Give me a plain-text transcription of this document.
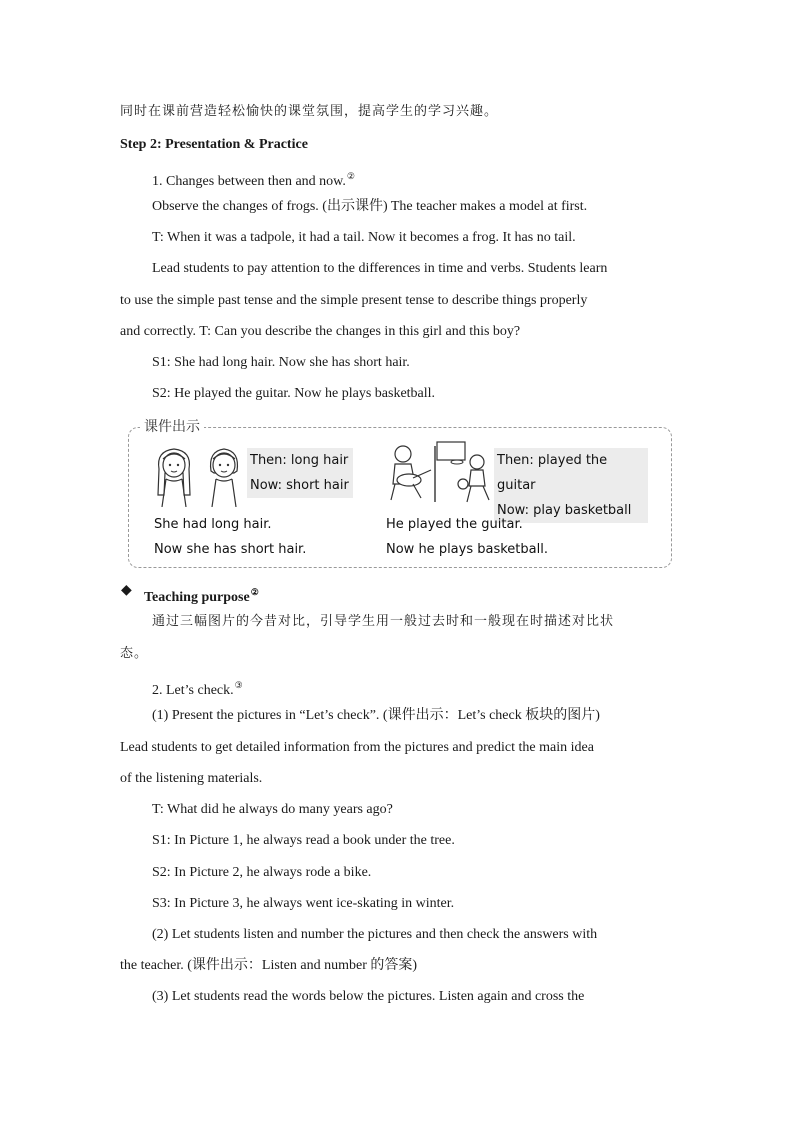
同时在课前营造轻松愉快的课堂氛围，提高学生的学习兴趣。
Step 2: Presentation & Practice
1. Changes between then and now.②
Observe the changes of frogs. (出示课件) The teacher makes a model at first.
T: When it was a tadpole, it had a tail. Now it becomes a frog. It has no tail.
Lead students to pay attention to the differences in time and verbs. Students learn
to use the simple past tense and the simple present tense to describe things properly
and correctly. T: Can you describe the changes in this girl and this boy?
S1: She had long hair. Now she has short hair.
S2: He played the guitar. Now he plays basketball.
课件出示
Then: long hair
Now: short hair
Then: played the guitar
Now: play basketball
She had long hair.
Now she has short hair.
He played the guitar.
Now he plays basketball.
◆ Teaching purpose②
通过三幅图片的今昔对比，引导学生用一般过去时和一般现在时描述对比状
态。
2. Let’s check.③
(1) Present the pictures in “Let’s check”. (课件出示：Let’s check 板块的图片)
Lead students to get detailed information from the pictures and predict the main idea
of the listening materials.
T: What did he always do many years ago?
S1: In Picture 1, he always read a book under the tree.
S2: In Picture 2, he always rode a bike.
S3: In Picture 3, he always went ice-skating in winter.
(2) Let students listen and number the pictures and then check the answers with
the teacher. (课件出示：Listen and number 的答案)
(3) Let students read the words below the pictures. Listen again and cross the
